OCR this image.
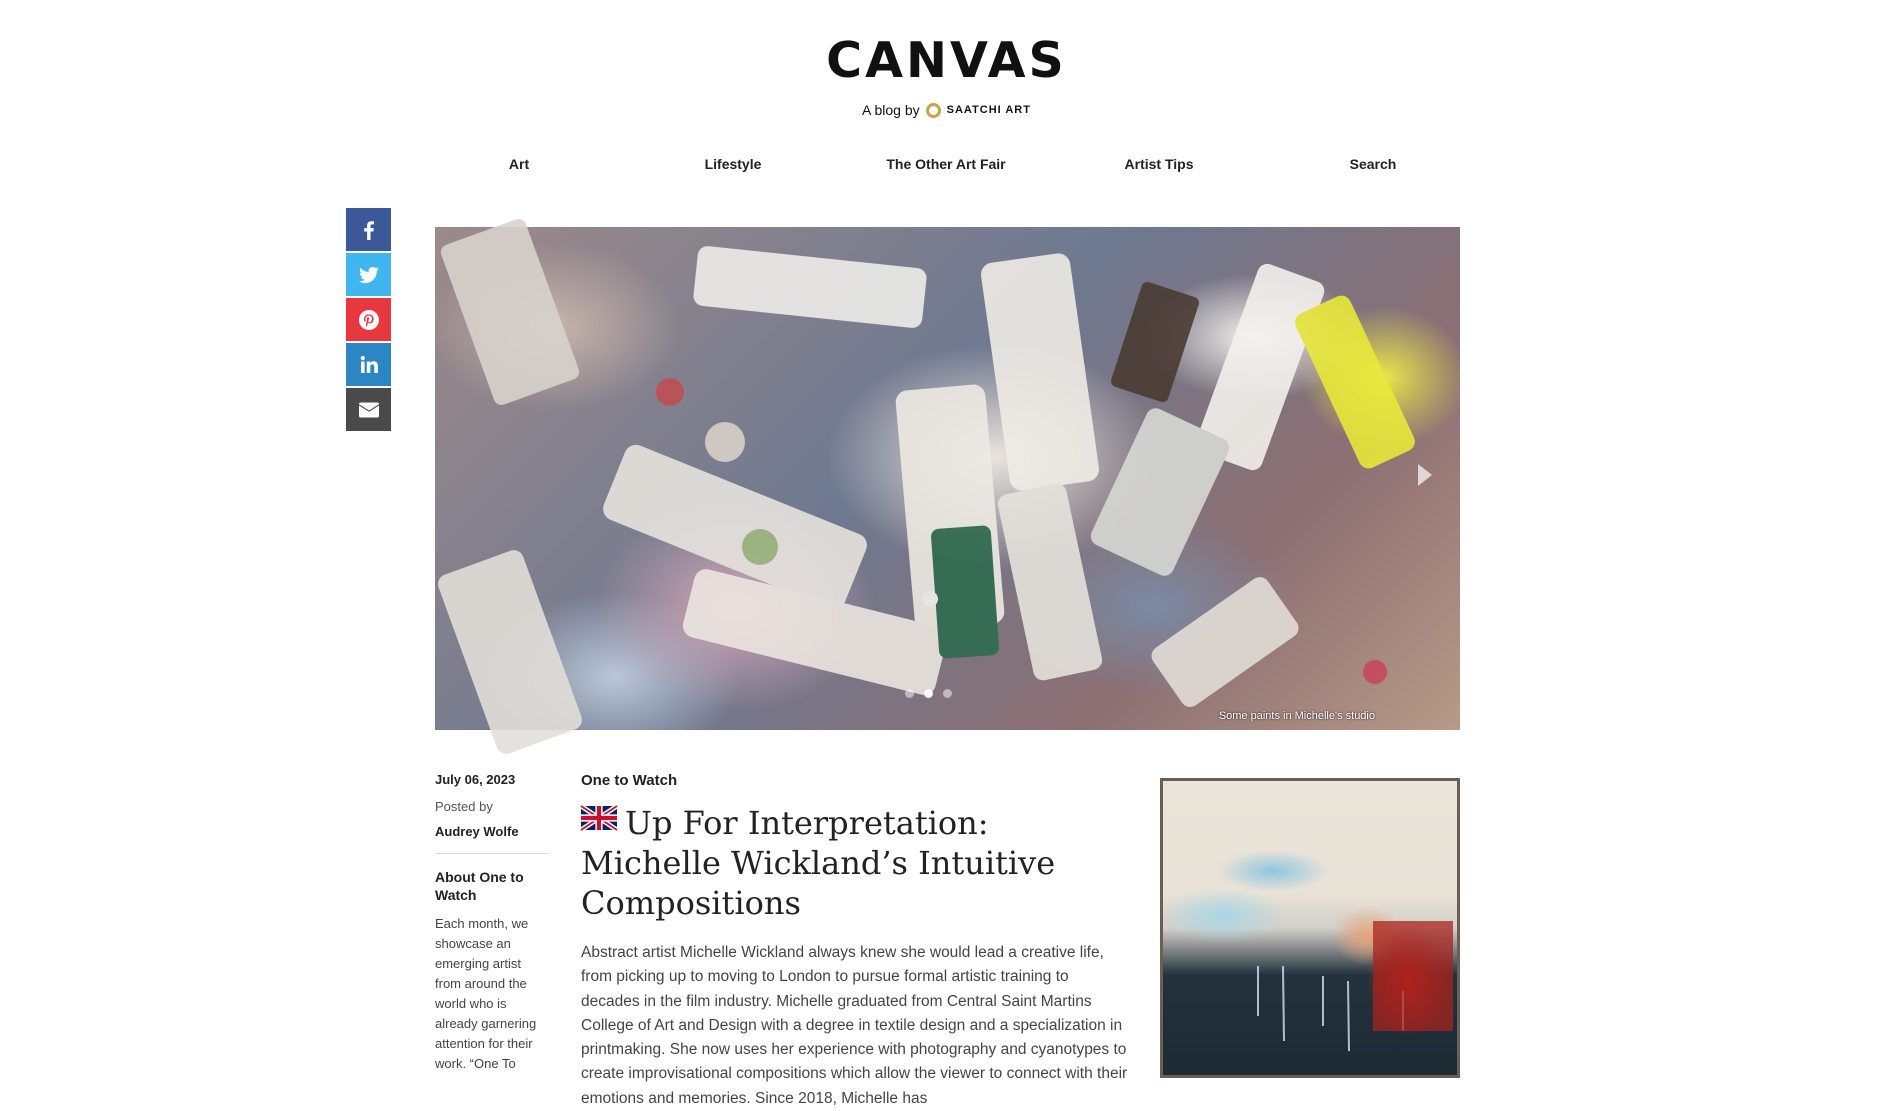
CANVAS
A blog by SAATCHI ART
Art	Lifestyle	The Other Art Fair	Artist Tips	Search
Some paints in Michelle's studio
July 06, 2023
Posted by
Audrey Wolfe
About One to Watch
Each month, we showcase an emerging artist from around the world who is already garnering attention for their work. “One To
One to Watch
Up For Interpretation: Michelle Wickland’s Intuitive Compositions

Abstract artist Michelle Wickland always knew she would lead a creative life, from picking up to moving to London to pursue formal artistic training to decades in the film industry. Michelle graduated from Central Saint Martins College of Art and Design with a degree in textile design and a specialization in printmaking. She now uses her experience with photography and cyanotypes to create improvisational compositions which allow the viewer to connect with their emotions and memories. Since 2018, Michelle has
